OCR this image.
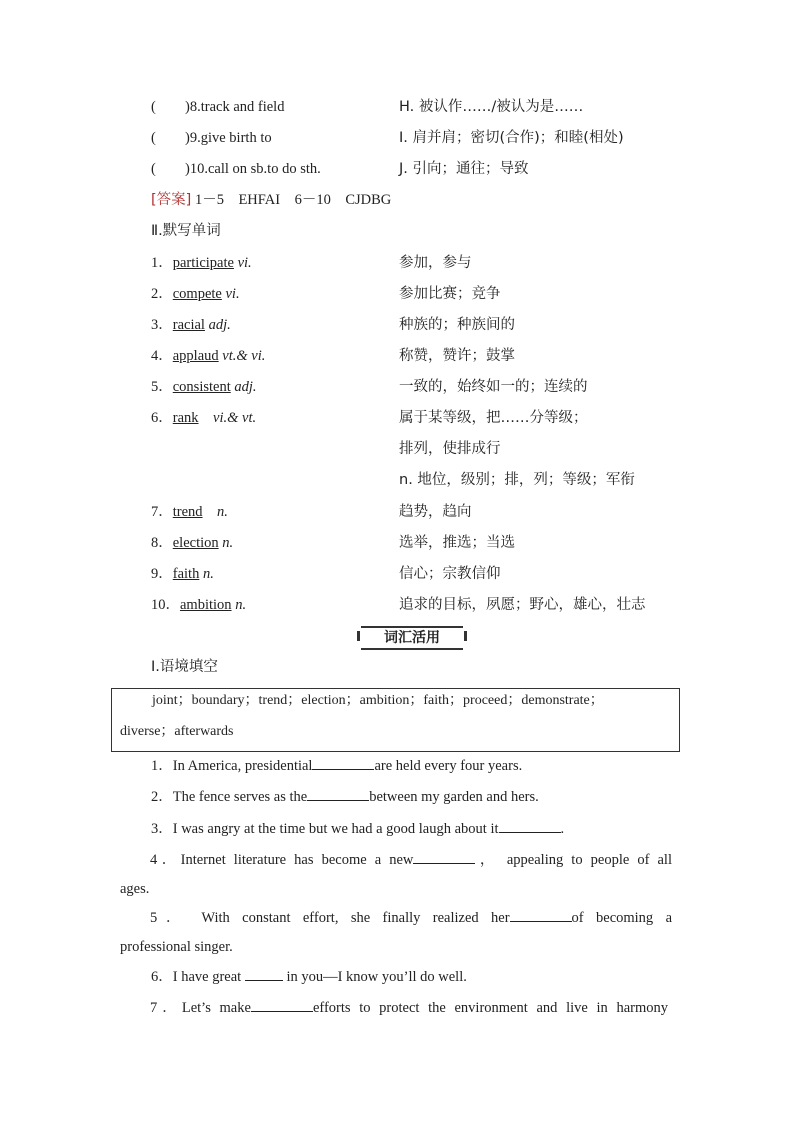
( )8.track and field	H. 被认作……/被认为是……
( )9.give birth to	I. 肩并肩；密切(合作)；和睦(相处)
( )10.call on sb.to do sth.	J. 引向；通往；导致
[答案] 1－5　EHFAI　6－10　CJDBG
Ⅱ.默写单词
1．participate vi.	参加，参与
2．compete vi.	参加比赛；竞争
3．racial adj.	种族的；种族间的
4．applaud vt.& vi.	称赞，赞许；鼓掌
5．consistent adj.	一致的，始终如一的；连续的
6．rank vi.& vt.	属于某等级，把……分等级；
排列，使排成行
n. 地位，级别；排，列；等级；军衔
7．trend n.	趋势，趋向
8．election n.	选举，推选；当选
9．faith n.	信心；宗教信仰
10．ambition n.	追求的目标，夙愿；野心，雄心，壮志
词汇活用
Ⅰ.语境填空
joint；boundary；trend；election；ambition；faith；proceed；demonstrate；
diverse；afterwards
1．In America, presidential	are held every four years.
2．The fence serves as the	between my garden and hers.
3．I was angry at the time but we had a good laugh about it	.
4．Internet literature has become a new	， appealing to people of all
ages.
5． With constant effort, she finally realized her	of becoming a
professional singer.
6．I have great	in you—I know you’ll do well.
7．Let’s make	efforts to protect the environment and live in harmony
